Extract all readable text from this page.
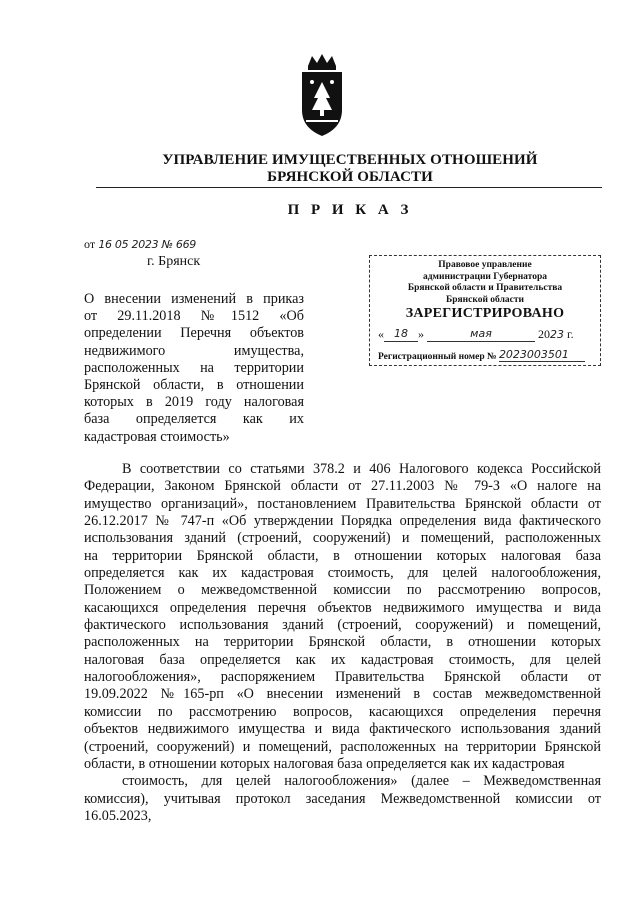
УПРАВЛЕНИЕ ИМУЩЕСТВЕННЫХ ОТНОШЕНИЙ
БРЯНСКОЙ ОБЛАСТИ
П Р И К А З
от 16 05 2023 № 669
г. Брянск	Правовое управление
администрации Губернатора
Брянской области и Правительства
Брянской области
ЗАРЕГИСТРИРОВАНО
« 18 »	мая	2023 г.
Регистрационный номер № 2023003501
О внесении изменений в приказ
от 29.11.2018 №1512 «Об
определении Перечня объектов
недвижимого имущества,
расположенных на территории
Брянской области, в отношении
которых в 2019 году налоговая
база определяется как их
кадастровая стоимость»
В соответствии со статьями 378.2 и 406 Налогового кодекса Российской
Федерации, Законом Брянской области от 27.11.2003 № 79-З «О налоге на
имущество организаций», постановлением Правительства Брянской области от
26.12.2017 № 747-п «Об утверждении Порядка определения вида фактического
использования зданий (строений, сооружений) и помещений, расположенных
на территории Брянской области, в отношении которых налоговая база
определяется как их кадастровая стоимость, для целей налогообложения,
Положением о межведомственной комиссии по рассмотрению вопросов,
касающихся определения перечня объектов недвижимого имущества и вида
фактического использования зданий (строений, сооружений) и помещений,
расположенных на территории Брянской области, в отношении которых
налоговая база определяется как их кадастровая стоимость, для целей
налогообложения», распоряжением Правительства Брянской области от
19.09.2022 №165-рп «О внесении изменений в состав межведомственной
комиссии по рассмотрению вопросов, касающихся определения перечня
объектов недвижимого имущества и вида фактического использования зданий
(строений, сооружений) и помещений, расположенных на территории Брянской
области, в отношении которых налоговая база определяется как их кадастровая
стоимость, для целей налогообложения» (далее – Межведомственная
комиссия), учитывая протокол заседания Межведомственной комиссии от
16.05.2023,
